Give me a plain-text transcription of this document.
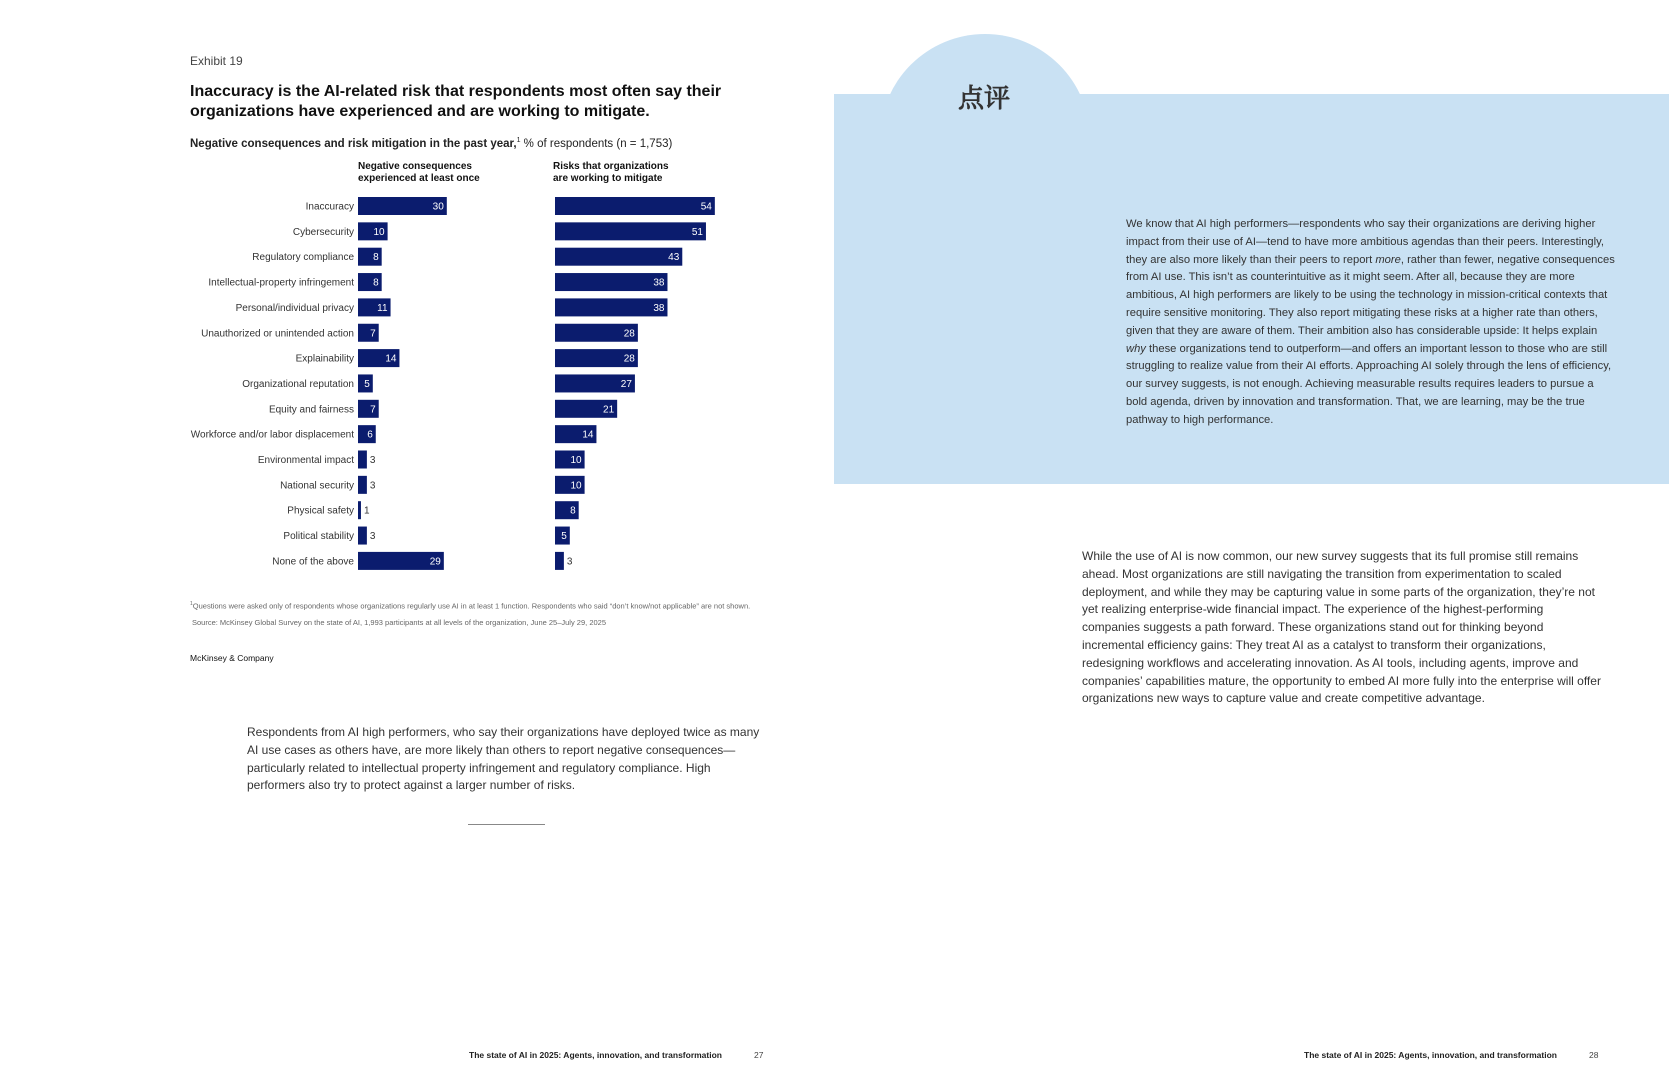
Exhibit 19
Inaccuracy is the AI-related risk that respondents most often say their organizations have experienced and are working to mitigate.
Negative consequences and risk mitigation in the past year,$^1$ % of respondents (n = 1,753)
Negative consequences
experienced at least once
Risks that organizations
are working to mitigate
Inaccuracy	30	54
Cybersecurity 10	51
Regulatory compliance 8	43
Intellectual-property infringement 8	38
Personal/individual privacy 11	38
Unauthorized or unintended action 7	28
Explainability	14	28
Organizational reputation 5	27
Equity and fairness 7	21
Workforce and/or labor displacement 6	14
Environmental impact 3	10
National security 3	10
Physical safety 1	8
Political stability 3	5
None of the above	29	3
$^1$Questions were asked only of respondents whose organizations regularly use AI in at least 1 function. Respondents who said “don’t know/not applicable” are not shown.
Source: McKinsey Global Survey on the state of AI, 1,993 participants at all levels of the organization, June 25–July 29, 2025
McKinsey & Company
Respondents from AI high performers, who say their organizations have deployed twice as many AI use cases as others have, are more likely than others to report negative consequences—particularly related to intellectual property infringement and regulatory compliance. High performers also try to protect against a larger number of risks.
The state of AI in 2025: Agents, innovation, and transformation	27
点评
We know that AI high performers—respondents who say their organizations are deriving higher impact from their use of AI—tend to have more ambitious agendas than their peers. Interestingly, they are also more likely than their peers to report more, rather than fewer, negative consequences from AI use. This isn’t as counterintuitive as it might seem. After all, because they are more ambitious, AI high performers are likely to be using the technology in mission-critical contexts that require sensitive monitoring. They also report mitigating these risks at a higher rate than others, given that they are aware of them. Their ambition also has considerable upside: It helps explain why these organizations tend to outperform—and offers an important lesson to those who are still struggling to realize value from their AI efforts. Approaching AI solely through the lens of efficiency, our survey suggests, is not enough. Achieving measurable results requires leaders to pursue a bold agenda, driven by innovation and transformation. That, we are learning, may be the true pathway to high performance.
While the use of AI is now common, our new survey suggests that its full promise still remains ahead. Most organizations are still navigating the transition from experimentation to scaled deployment, and while they may be capturing value in some parts of the organization, they’re not yet realizing enterprise-wide financial impact. The experience of the highest-performing companies suggests a path forward. These organizations stand out for thinking beyond incremental efficiency gains: They treat AI as a catalyst to transform their organizations, redesigning workflows and accelerating innovation. As AI tools, including agents, improve and companies’ capabilities mature, the opportunity to embed AI more fully into the enterprise will offer organizations new ways to capture value and create competitive advantage.
The state of AI in 2025: Agents, innovation, and transformation	28
